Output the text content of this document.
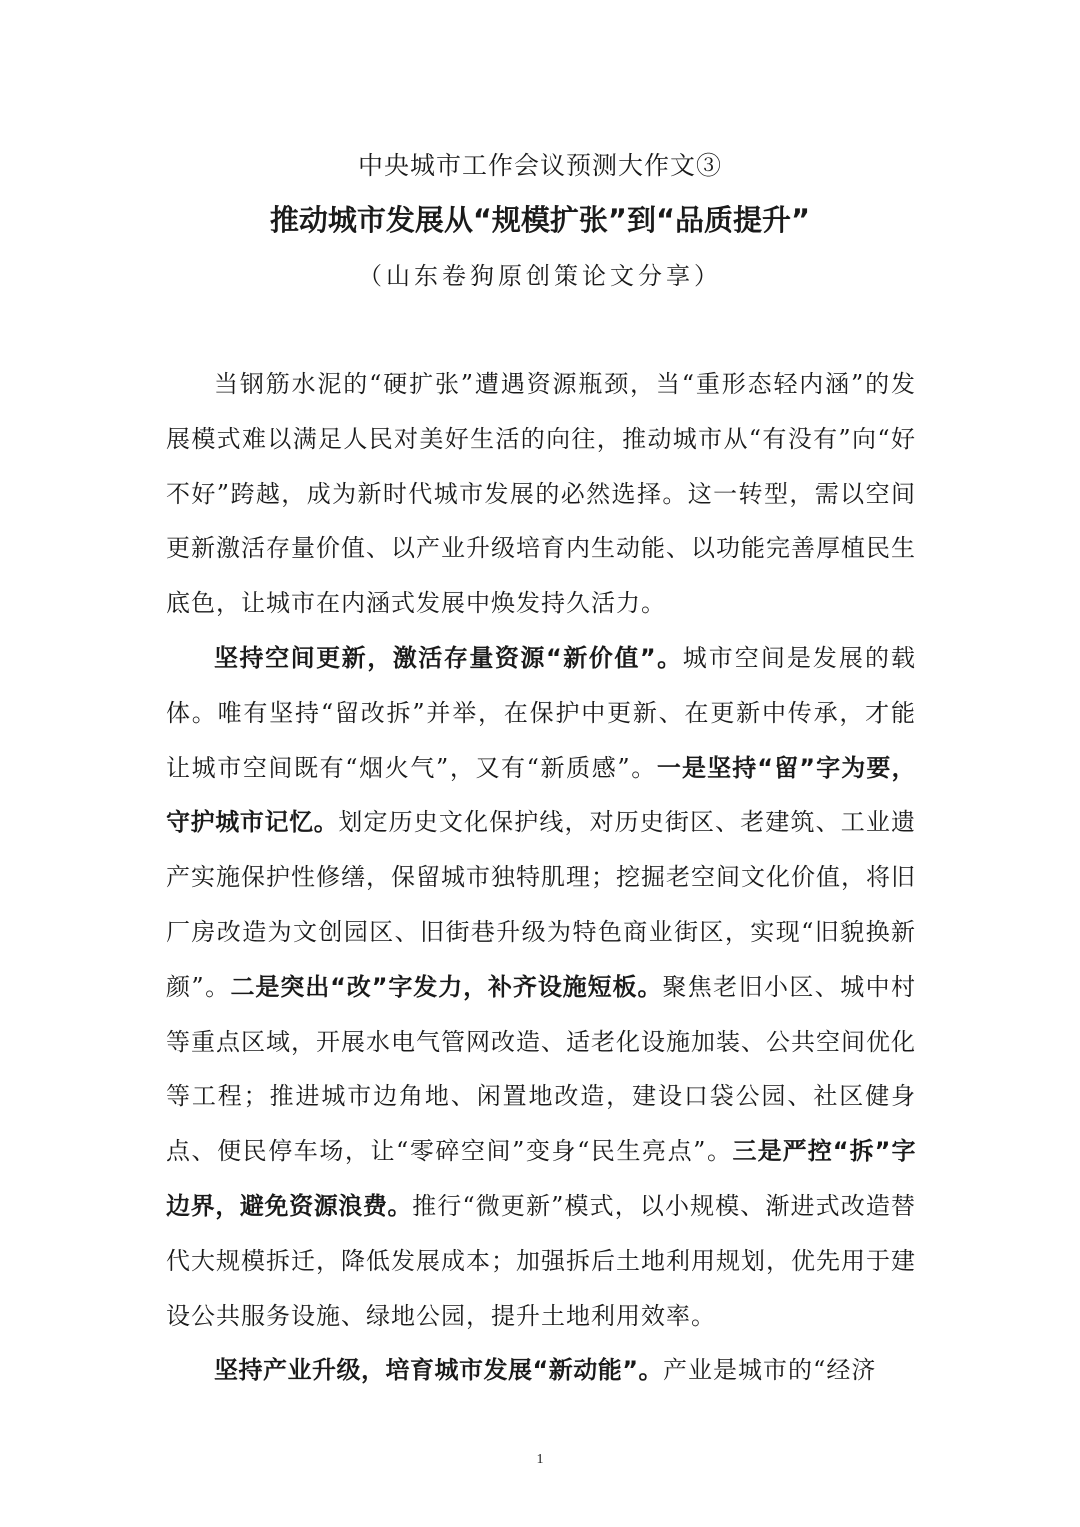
中央城市工作会议预测大作文③

推动城市发展从“规模扩张”到“品质提升”

（山东卷狗原创策论文分享）

当钢筋水泥的“硬扩张”遭遇资源瓶颈，当“重形态轻内涵”的发展模式难以满足人民对美好生活的向往，推动城市从“有没有”向“好不好”跨越，成为新时代城市发展的必然选择。这一转型，需以空间更新激活存量价值、以产业升级培育内生动能、以功能完善厚植民生底色，让城市在内涵式发展中焕发持久活力。

坚持空间更新，激活存量资源“新价值”。城市空间是发展的载体。唯有坚持“留改拆”并举，在保护中更新、在更新中传承，才能让城市空间既有“烟火气”，又有“新质感”。一是坚持“留”字为要，守护城市记忆。划定历史文化保护线，对历史街区、老建筑、工业遗产实施保护性修缮，保留城市独特肌理；挖掘老空间文化价值，将旧厂房改造为文创园区、旧街巷升级为特色商业街区，实现“旧貌换新颜”。二是突出“改”字发力，补齐设施短板。聚焦老旧小区、城中村等重点区域，开展水电气管网改造、适老化设施加装、公共空间优化等工程；推进城市边角地、闲置地改造，建设口袋公园、社区健身点、便民停车场，让“零碎空间”变身“民生亮点”。三是严控“拆”字边界，避免资源浪费。推行“微更新”模式，以小规模、渐进式改造替代大规模拆迁，降低发展成本；加强拆后土地利用规划，优先用于建设公共服务设施、绿地公园，提升土地利用效率。

坚持产业升级，培育城市发展“新动能”。产业是城市的“经济

1
